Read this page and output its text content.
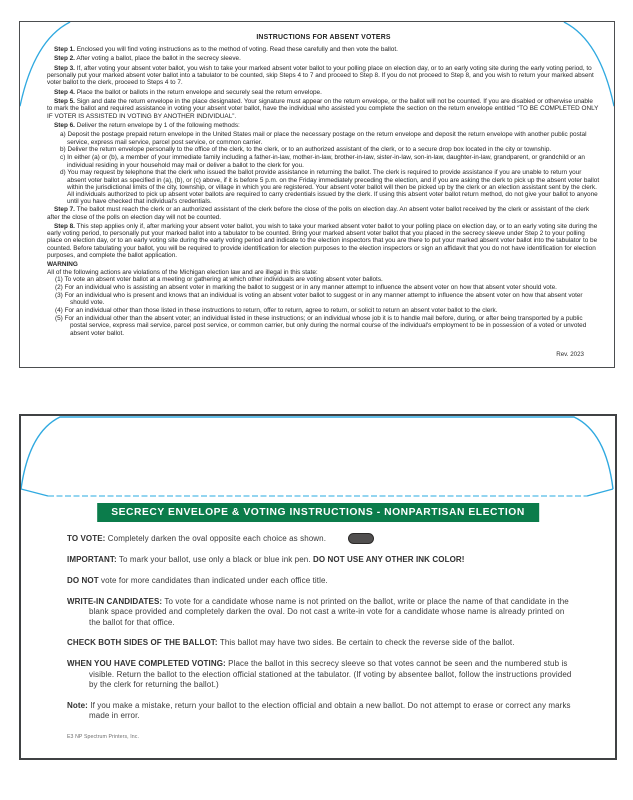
INSTRUCTIONS FOR ABSENT VOTERS

Step 1. Enclosed you will find voting instructions as to the method of voting. Read these carefully and then vote the ballot.

Step 2. After voting a ballot, place the ballot in the secrecy sleeve.

Step 3. If, after voting your absent voter ballot, you wish to take your marked absent voter ballot to your polling place on election day, or to an early voting site during the early voting period, to personally put your marked absent voter ballot into a tabulator to be counted, skip Steps 4 to 7 and proceed to Step 8. If you do not proceed to Step 8, and you wish to return your marked absent voter ballot to the clerk, proceed to Steps 4 to 7.

Step 4. Place the ballot or ballots in the return envelope and securely seal the return envelope.

Step 5. Sign and date the return envelope in the place designated. Your signature must appear on the return envelope, or the ballot will not be counted. If you are disabled or otherwise unable to mark the ballot and required assistance in voting your absent voter ballot, have the individual who assisted you complete the section on the return envelope entitled “TO BE COMPLETED ONLY IF VOTER IS ASSISTED IN VOTING BY ANOTHER INDIVIDUAL”.

Step 6. Deliver the return envelope by 1 of the following methods:

a) Deposit the postage prepaid return envelope in the United States mail or place the necessary postage on the return envelope and deposit the return envelope with another public postal service, express mail service, parcel post service, or common carrier.

b) Deliver the return envelope personally to the office of the clerk, to the clerk, or to an authorized assistant of the clerk, or to a secure drop box located in the city or township.

c) In either (a) or (b), a member of your immediate family including a father-in-law, mother-in-law, brother-in-law, sister-in-law, son-in-law, daughter-in-law, grandparent, or grandchild or an individual residing in your household may mail or deliver a ballot to the clerk for you.

d) You may request by telephone that the clerk who issued the ballot provide assistance in returning the ballot. The clerk is required to provide assistance if you are unable to return your absent voter ballot as specified in (a), (b), or (c) above, if it is before 5 p.m. on the Friday immediately preceding the election, and if you are asking the clerk to pick up the absent voter ballot within the jurisdictional limits of the city, township, or village in which you are registered. Your absent voter ballot will then be picked up by the clerk or an election assistant sent by the clerk. All individuals authorized to pick up absent voter ballots are required to carry credentials issued by the clerk. If using this absent voter ballot return method, do not give your ballot to anyone until you have checked that individual's credentials.

Step 7. The ballot must reach the clerk or an authorized assistant of the clerk before the close of the polls on election day. An absent voter ballot received by the clerk or assistant of the clerk after the close of the polls on election day will not be counted.

Step 8. This step applies only if, after marking your absent voter ballot, you wish to take your marked absent voter ballot to your polling place on election day, or to an early voting site during the early voting period, to personally put your marked ballot into a tabulator to be counted. Bring your marked absent voter ballot that you placed in the secrecy sleeve under Step 2 to your polling place on election day, or to an early voting site during the early voting period and indicate to the election inspectors that you are there to put your marked absent voter ballot into the tabulator to be counted. Before tabulating your ballot, you will be required to provide identification for election purposes to the election inspectors or sign an affidavit that you do not have identification for election purposes, and complete the ballot application.

WARNING

All of the following actions are violations of the Michigan election law and are illegal in this state:

(1) To vote an absent voter ballot at a meeting or gathering at which other individuals are voting absent voter ballots.

(2) For an individual who is assisting an absent voter in marking the ballot to suggest or in any manner attempt to influence the absent voter on how that absent voter should vote.

(3) For an individual who is present and knows that an individual is voting an absent voter ballot to suggest or in any manner attempt to influence the absent voter on how that absent voter should vote.

(4) For an individual other than those listed in these instructions to return, offer to return, agree to return, or solicit to return an absent voter ballot to the clerk.

(5) For an individual other than the absent voter; an individual listed in these instructions; or an individual whose job it is to handle mail before, during, or after being transported by a public postal service, express mail service, parcel post service, or common carrier, but only during the normal course of the individual's employment to be in possession of a voted or unvoted absent voter ballot.

Rev. 2023

SECRECY ENVELOPE & VOTING INSTRUCTIONS - NONPARTISAN ELECTION

TO VOTE: Completely darken the oval opposite each choice as shown.

IMPORTANT: To mark your ballot, use only a black or blue ink pen. DO NOT USE ANY OTHER INK COLOR!

DO NOT vote for more candidates than indicated under each office title.

WRITE-IN CANDIDATES: To vote for a candidate whose name is not printed on the ballot, write or place the name of that candidate in the blank space provided and completely darken the oval. Do not cast a write-in vote for a candidate whose name is already printed on the ballot for that office.

CHECK BOTH SIDES OF THE BALLOT: This ballot may have two sides. Be certain to check the reverse side of the ballot.

WHEN YOU HAVE COMPLETED VOTING: Place the ballot in this secrecy sleeve so that votes cannot be seen and the numbered stub is visible. Return the ballot to the election official stationed at the tabulator. (If voting by absentee ballot, follow the instructions provided by the clerk for returning the ballot.)

Note: If you make a mistake, return your ballot to the election official and obtain a new ballot. Do not attempt to erase or correct any marks made in error.

E3 NP Spectrum Printers, Inc.
